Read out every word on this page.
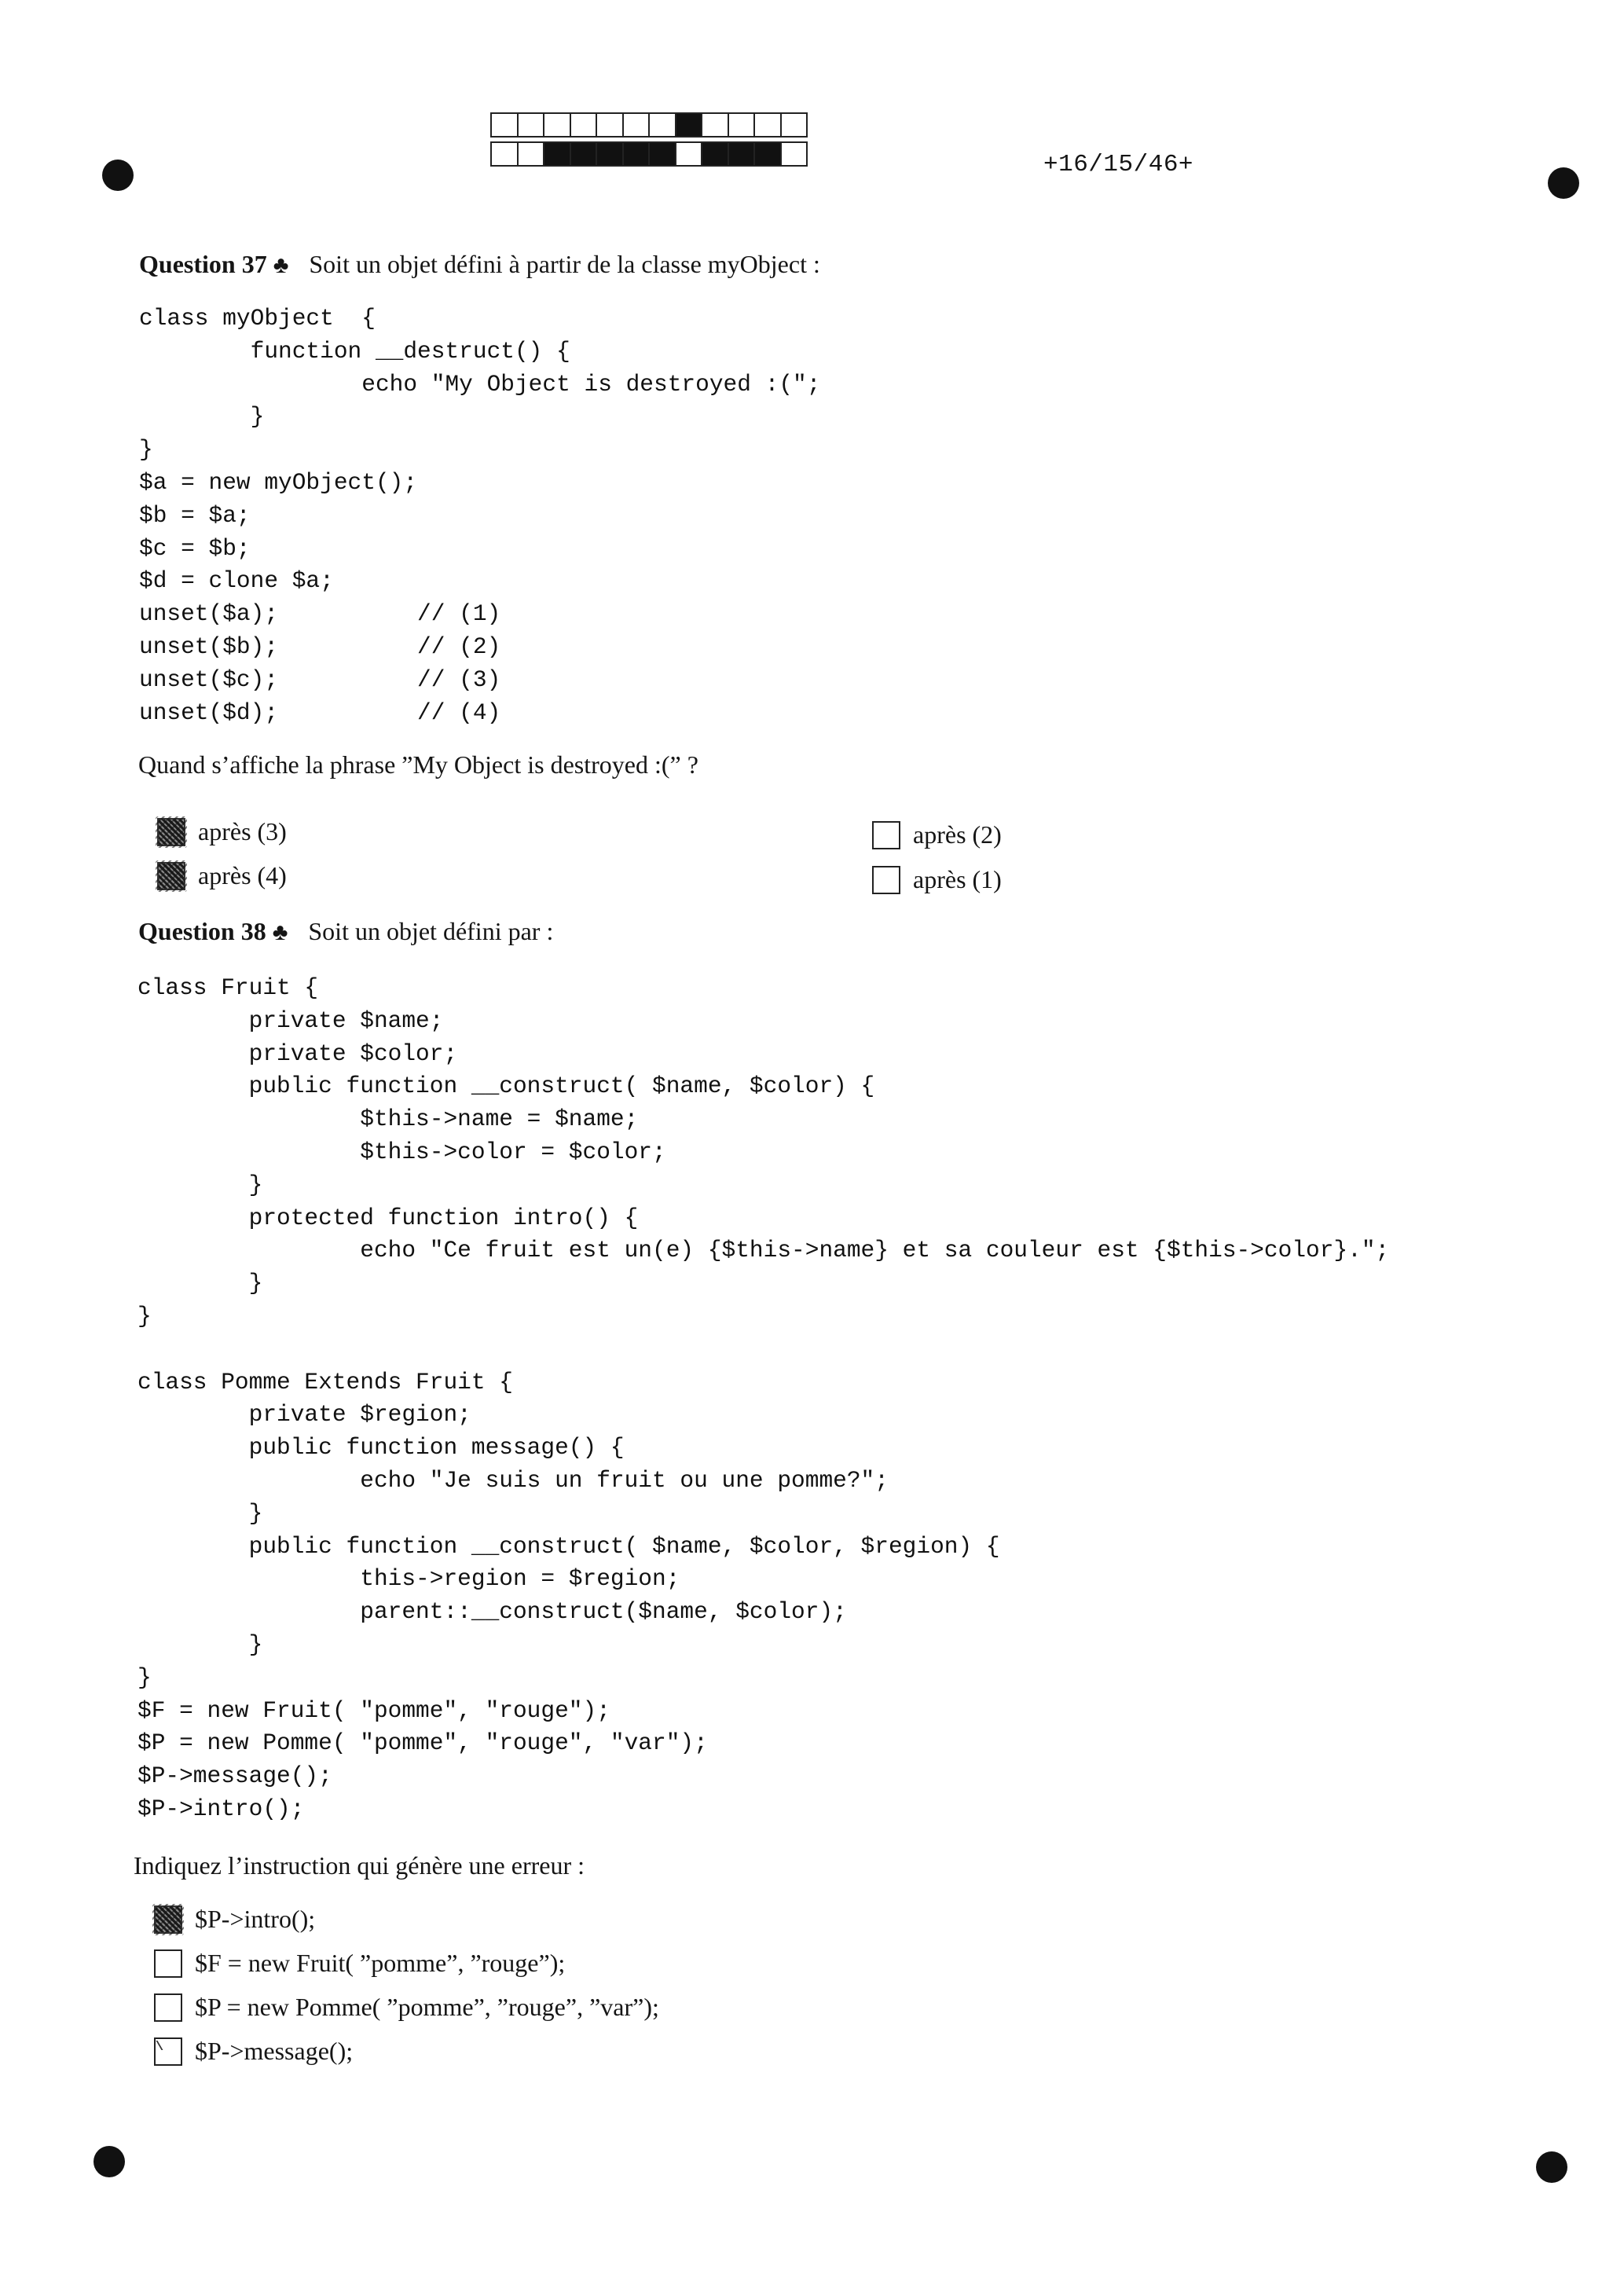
+16/15/46+
Question 37 ♣ Soit un objet défini à partir de la classe myObject :
class myObject  {
function __destruct() {
echo "My Object is destroyed :(";
}
}
$a = new myObject();
$b = $a;
$c = $b;
$d = clone $a;
unset($a);          // (1)
unset($b);          // (2)
unset($c);          // (3)
unset($d);          // (4)
Quand s’affiche la phrase ”My Object is destroyed :(” ?
après (3)
après (4)
après (2)
après (1)
Question 38 ♣ Soit un objet défini par :
class Fruit {
private $name;
private $color;
public function __construct( $name, $color) {
$this->name = $name;
$this->color = $color;
}
protected function intro() {
echo "Ce fruit est un(e) {$this->name} et sa couleur est {$this->color}.";
}
}

class Pomme Extends Fruit {
private $region;
public function message() {
echo "Je suis un fruit ou une pomme?";
}
public function __construct( $name, $color, $region) {
this->region = $region;
parent::__construct($name, $color);
}
}
$F = new Fruit( "pomme", "rouge");
$P = new Pomme( "pomme", "rouge", "var");
$P->message();
$P->intro();
Indiquez l’instruction qui génère une erreur :
$P->intro();
$F = new Fruit( ”pomme”, ”rouge”);
$P = new Pomme( ”pomme”, ”rouge”, ”var”);
$P->message();
